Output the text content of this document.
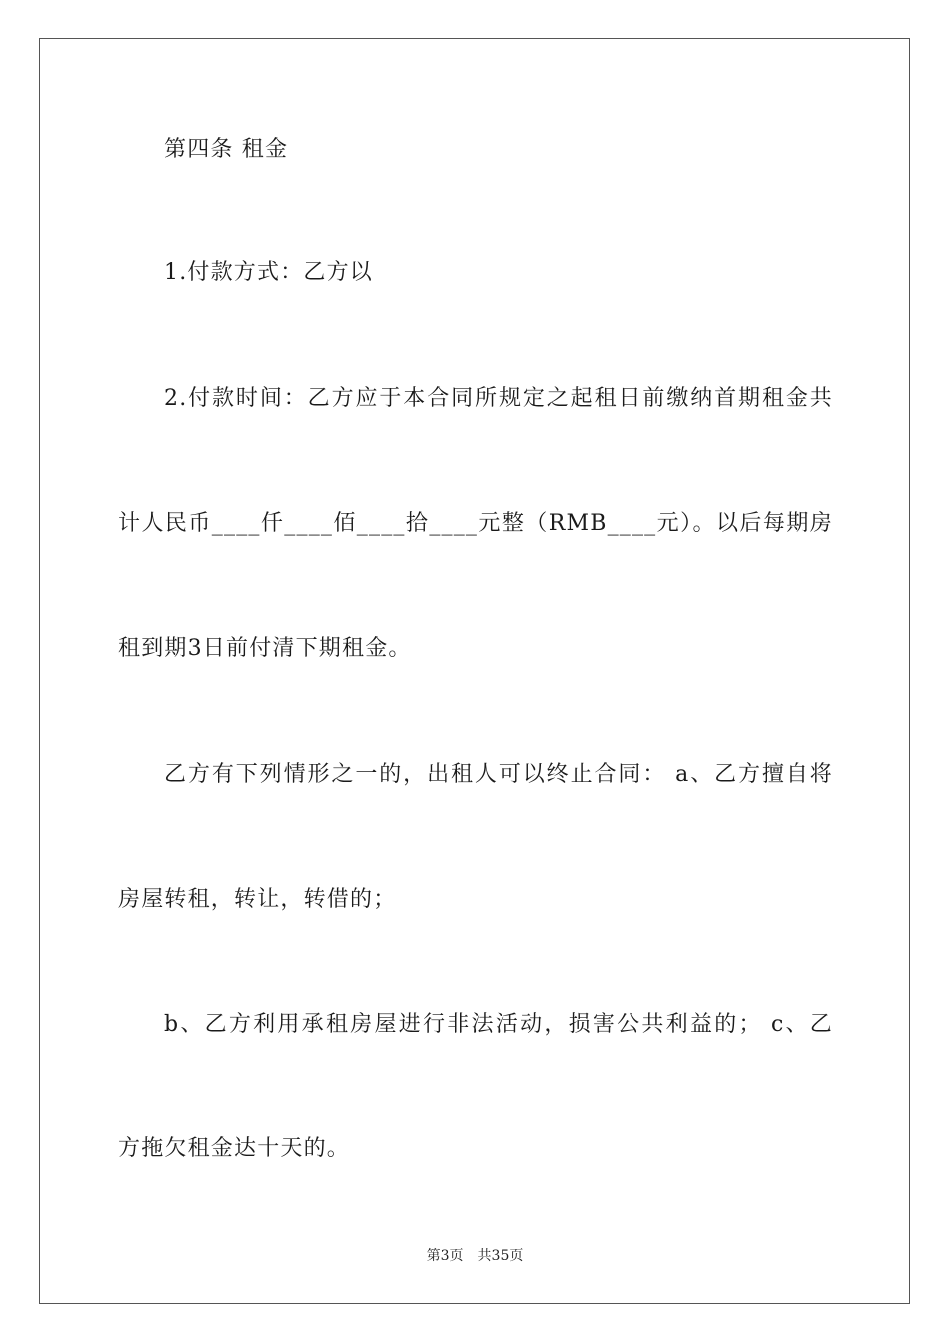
第四条 租金
1.付款方式：乙方以
2.付款时间：乙方应于本合同所规定之起租日前缴纳首期租金共
计人民币____仟____佰____拾____元整（RMB____元）。以后每期房
租到期3日前付清下期租金。
乙方有下列情形之一的，出租人可以终止合同： a、乙方擅自将
房屋转租，转让，转借的；
b、乙方利用承租房屋进行非法活动，损害公共利益的； c、乙
方拖欠租金达十天的。
第3页 共35页
